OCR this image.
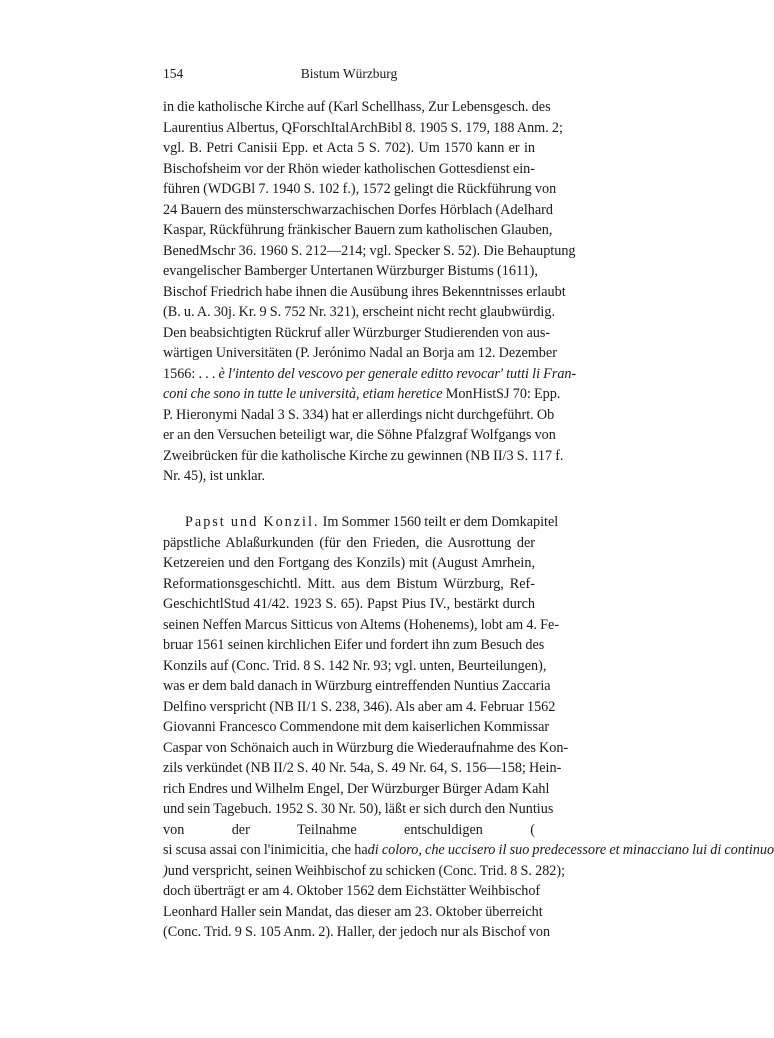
154	Bistum Würzburg
in die katholische Kirche auf (Karl Schellhass, Zur Lebensgesch. des
Laurentius Albertus, QForschItalArchBibl 8. 1905 S. 179, 188 Anm. 2;
vgl. B. Petri Canisii Epp. et Acta 5 S. 702). Um 1570 kann er in
Bischofsheim vor der Rhön wieder katholischen Gottesdienst ein-
führen (WDGBl 7. 1940 S. 102 f.), 1572 gelingt die Rückführung von
24 Bauern des münsterschwarzachischen Dorfes Hörblach (Adelhard
Kaspar, Rückführung fränkischer Bauern zum katholischen Glauben,
BenedMschr 36. 1960 S. 212—214; vgl. Specker S. 52). Die Behauptung
evangelischer Bamberger Untertanen Würzburger Bistums (1611),
Bischof Friedrich habe ihnen die Ausübung ihres Bekenntnisses erlaubt
(B. u. A. 30j. Kr. 9 S. 752 Nr. 321), erscheint nicht recht glaubwürdig.
Den beabsichtigten Rückruf aller Würzburger Studierenden von aus-
wärtigen Universitäten (P. Jerónimo Nadal an Borja am 12. Dezember
1566: . . . è l'intento del vescovo per generale editto revocar' tutti li Fran-
coni che sono in tutte le università, etiam heretice MonHistSJ 70: Epp.
P. Hieronymi Nadal 3 S. 334) hat er allerdings nicht durchgeführt. Ob
er an den Versuchen beteiligt war, die Söhne Pfalzgraf Wolfgangs von
Zweibrücken für die katholische Kirche zu gewinnen (NB II/3 S. 117 f.
Nr. 45), ist unklar.
Papst und Konzil. Im Sommer 1560 teilt er dem Domkapitel
päpstliche Ablaßurkunden (für den Frieden, die Ausrottung der
Ketzereien und den Fortgang des Konzils) mit (August Amrhein,
Reformationsgeschichtl. Mitt. aus dem Bistum Würzburg, Ref-
GeschichtlStud 41/42. 1923 S. 65). Papst Pius IV., bestärkt durch
seinen Neffen Marcus Sitticus von Altems (Hohenems), lobt am 4. Fe-
bruar 1561 seinen kirchlichen Eifer und fordert ihn zum Besuch des
Konzils auf (Conc. Trid. 8 S. 142 Nr. 93; vgl. unten, Beurteilungen),
was er dem bald danach in Würzburg eintreffenden Nuntius Zaccaria
Delfino verspricht (NB II/1 S. 238, 346). Als aber am 4. Februar 1562
Giovanni Francesco Commendone mit dem kaiserlichen Kommissar
Caspar von Schönaich auch in Würzburg die Wiederaufnahme des Kon-
zils verkündet (NB II/2 S. 40 Nr. 54a, S. 49 Nr. 64, S. 156—158; Hein-
rich Endres und Wilhelm Engel, Der Würzburger Bürger Adam Kahl
und sein Tagebuch. 1952 S. 30 Nr. 50), läßt er sich durch den Nuntius
von der Teilnahme entschuldigen (
si scusa assai con l'inimicitia, che hadi coloro, che uccisero il suo predecessore et minacciano lui di continuo
)und verspricht, seinen Weihbischof zu schicken (Conc. Trid. 8 S. 282);
doch überträgt er am 4. Oktober 1562 dem Eichstätter Weihbischof
Leonhard Haller sein Mandat, das dieser am 23. Oktober überreicht
(Conc. Trid. 9 S. 105 Anm. 2). Haller, der jedoch nur als Bischof von
